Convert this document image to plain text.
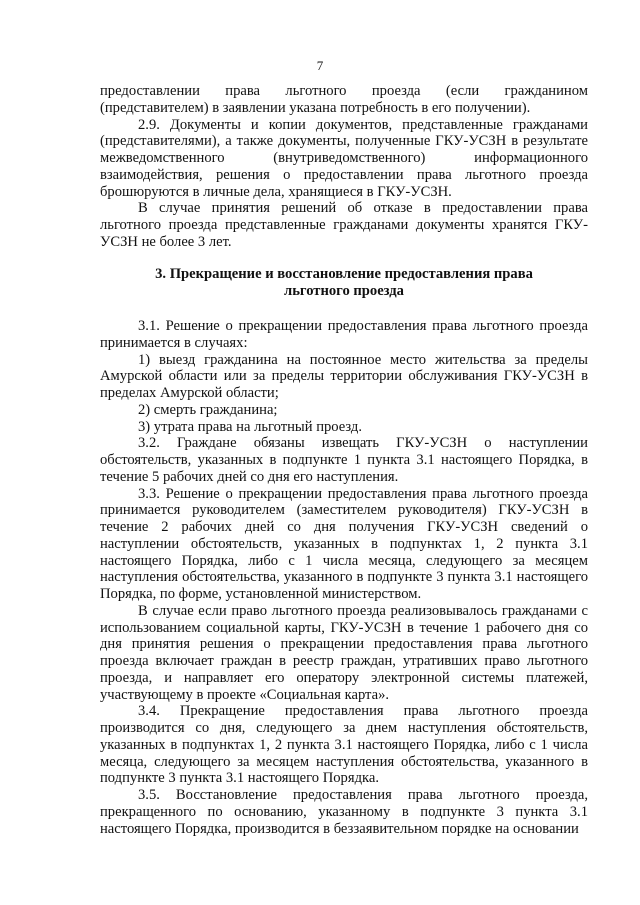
7

предоставлении права льготного проезда (если гражданином (представителем) в заявлении указана потребность в его получении).

2.9. Документы и копии документов, представленные гражданами (представителями), а также документы, полученные ГКУ-УСЗН в результате межведомственного (внутриведомственного) информационного взаимодействия, решения о предоставлении права льготного проезда брошюруются в личные дела, хранящиеся в ГКУ-УСЗН.

В случае принятия решений об отказе в предоставлении права льготного проезда представленные гражданами документы хранятся ГКУ-УСЗН не более 3 лет.

3. Прекращение и восстановление предоставления права
льготного проезда

3.1. Решение о прекращении предоставления права льготного проезда принимается в случаях:

1) выезд гражданина на постоянное место жительства за пределы Амурской области или за пределы территории обслуживания ГКУ-УСЗН в пределах Амурской области;

2) смерть гражданина;

3) утрата права на льготный проезд.

3.2. Граждане обязаны извещать ГКУ-УСЗН о наступлении обстоятельств, указанных в подпункте 1 пункта 3.1 настоящего Порядка, в течение 5 рабочих дней со дня его наступления.

3.3. Решение о прекращении предоставления права льготного проезда принимается руководителем (заместителем руководителя) ГКУ-УСЗН в течение 2 рабочих дней со дня получения ГКУ-УСЗН сведений о наступлении обстоятельств, указанных в подпунктах 1, 2 пункта 3.1 настоящего Порядка, либо с 1 числа месяца, следующего за месяцем наступления обстоятельства, указанного в подпункте 3 пункта 3.1 настоящего Порядка, по форме, установленной министерством.

В случае если право льготного проезда реализовывалось гражданами с использованием социальной карты, ГКУ-УСЗН в течение 1 рабочего дня со дня принятия решения о прекращении предоставления права льготного проезда включает граждан в реестр граждан, утративших право льготного проезда, и направляет его оператору электронной системы платежей, участвующему в проекте «Социальная карта».

3.4. Прекращение предоставления права льготного проезда производится со дня, следующего за днем наступления обстоятельств, указанных в подпунктах 1, 2 пункта 3.1 настоящего Порядка, либо с 1 числа месяца, следующего за месяцем наступления обстоятельства, указанного в подпункте 3 пункта 3.1 настоящего Порядка.

3.5. Восстановление предоставления права льготного проезда, прекращенного по основанию, указанному в подпункте 3 пункта 3.1 настоящего Порядка, производится в беззаявительном порядке на основании
